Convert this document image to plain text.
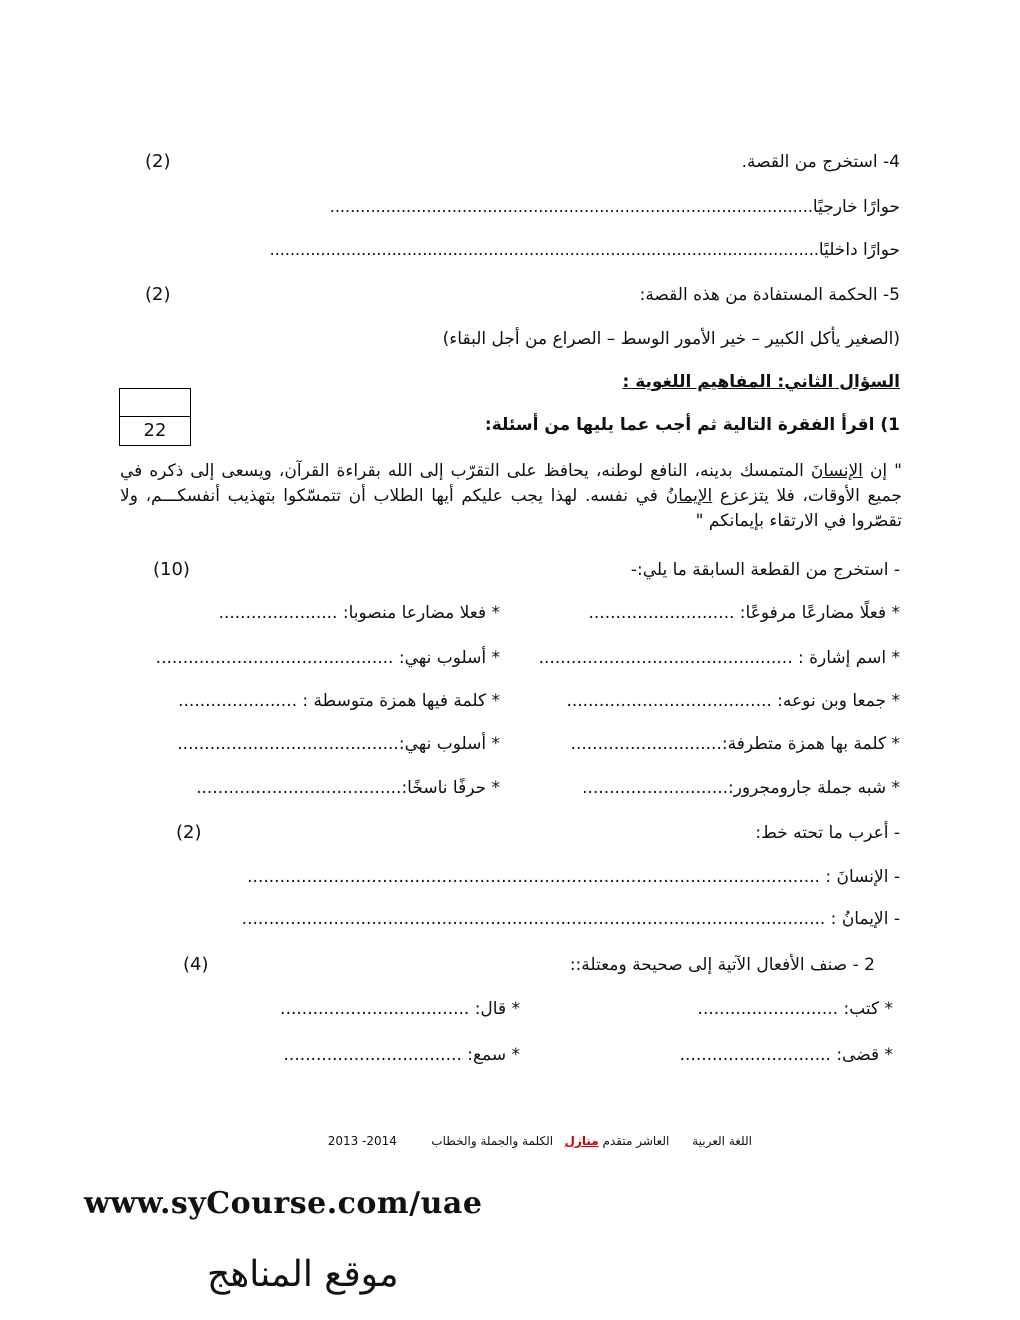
4- استخرج من القصة.
(2)
حوارًا خارجيًا...............................................................................................
حوارًا داخليًا............................................................................................................
5- الحكمة المستفادة من هذه القصة:
(2)
(الصغير يأكل الكبير – خير الأمور الوسط – الصراع من أجل البقاء)
السؤال الثاني: المفاهيم اللغوية :
22	1) اقرأ الفقرة التالية ثم أجب عما يليها من أسئلة:
" إن الإنسانَ المتمسك بدينه، النافع لوطنه، يحافظ على التقرّب إلى الله بقراءة القرآن، ويسعى إلى ذكره في جميع الأوقات، فلا يتزعزع الإيمانُ في نفسه. لهذا يجب عليكم أيها الطلاب أن تتمسّكوا بتهذيب أنفسكـــم، ولا تقصّروا في الارتقاء بإيمانكم "
- استخرج من القطعة السابقة ما يلي:-
(10)
* فعلًا مضارعًا مرفوعًا: ...........................
* فعلا مضارعا منصوبا: ......................
* اسم إشارة : ...............................................
* أسلوب نهي: ............................................
* جمعا وبن نوعه: ......................................
* كلمة فيها همزة متوسطة : ......................
* كلمة بها همزة متطرفة:............................
* أسلوب نهي:.........................................
* شبه جملة جارومجرور:...........................
* حرفًا ناسخًا:......................................
- أعرب ما تحته خط:
(2)
- الإنسانَ : ..........................................................................................................
- الإيمانُ : ............................................................................................................
2 - صنف الأفعال الآتية إلى صحيحة ومعتلة::
(4)
* كتب: ..........................
* قال: ...................................
* قضى: ............................
* سمع: .................................
اللغة العربية      العاشر متقدم منازل   الكلمة والجملة والخطاب         2013 -2014
www.syCourse.com/uae
موقع المناهج
